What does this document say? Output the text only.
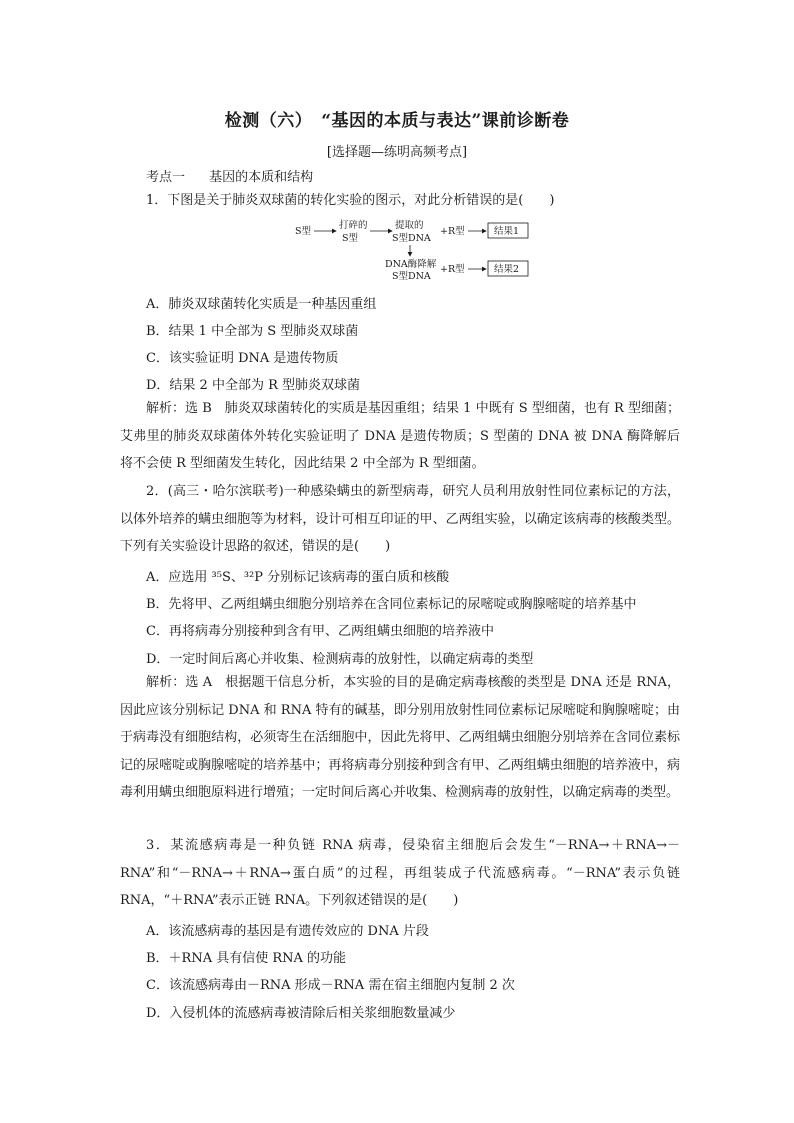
检测（六）　“基因的本质与表达”课前诊断卷
[选择题—练明高频考点]
考点一 基因的本质和结构
1．下图是关于肺炎双球菌的转化实验的图示，对此分析错误的是(　　)
S型
打碎的
S型
提取的
S型DNA
+R型	结果1
DNA酶降解
S型DNA
+R型	结果2
A．肺炎双球菌转化实质是一种基因重组
B．结果 1 中全部为 S 型肺炎双球菌
C．该实验证明 DNA 是遗传物质
D．结果 2 中全部为 R 型肺炎双球菌

解析：选 B　肺炎双球菌转化的实质是基因重组；结果 1 中既有 S 型细菌，也有 R 型细菌；艾弗里的肺炎双球菌体外转化实验证明了 DNA 是遗传物质；S 型菌的 DNA 被 DNA 酶降解后将不会使 R 型细菌发生转化，因此结果 2 中全部为 R 型细菌。

2．(高三・哈尔滨联考)一种感染螨虫的新型病毒，研究人员利用放射性同位素标记的方法，以体外培养的螨虫细胞等为材料，设计可相互印证的甲、乙两组实验，以确定该病毒的核酸类型。下列有关实验设计思路的叙述，错误的是(　　)

A．应选用 ³⁵S、³²P 分别标记该病毒的蛋白质和核酸
B．先将甲、乙两组螨虫细胞分别培养在含同位素标记的尿嘧啶或胸腺嘧啶的培养基中
C．再将病毒分别接种到含有甲、乙两组螨虫细胞的培养液中
D．一定时间后离心并收集、检测病毒的放射性，以确定病毒的类型

解析：选 A　根据题干信息分析，本实验的目的是确定病毒核酸的类型是 DNA 还是 RNA，因此应该分别标记 DNA 和 RNA 特有的碱基，即分别用放射性同位素标记尿嘧啶和胸腺嘧啶；由于病毒没有细胞结构，必须寄生在活细胞中，因此先将甲、乙两组螨虫细胞分别培养在含同位素标记的尿嘧啶或胸腺嘧啶的培养基中；再将病毒分别接种到含有甲、乙两组螨虫细胞的培养液中，病毒利用螨虫细胞原料进行增殖；一定时间后离心并收集、检测病毒的放射性，以确定病毒的类型。

3．某流感病毒是一种负链 RNA 病毒，侵染宿主细胞后会发生“－RNA→＋RNA→－RNA”和“－RNA→＋RNA→蛋白质”的过程，再组装成子代流感病毒。“－RNA”表示负链 RNA，“＋RNA”表示正链 RNA。下列叙述错误的是(　　)

A．该流感病毒的基因是有遗传效应的 DNA 片段
B．＋RNA 具有信使 RNA 的功能
C．该流感病毒由－RNA 形成－RNA 需在宿主细胞内复制 2 次
D．入侵机体的流感病毒被清除后相关浆细胞数量减少
